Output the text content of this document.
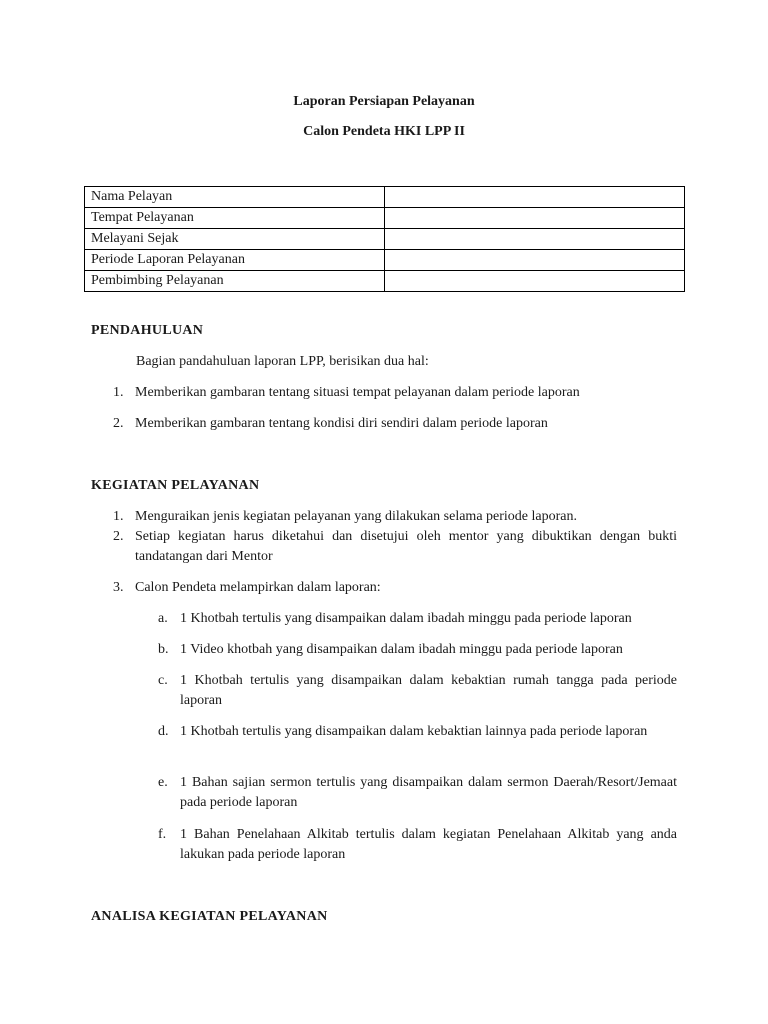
Laporan Persiapan Pelayanan
Calon Pendeta HKI LPP II
Nama Pelayan	
Tempat Pelayanan	
Melayani Sejak	
Periode Laporan Pelayanan	
Pembimbing Pelayanan	
PENDAHULUAN
Bagian pandahuluan laporan LPP, berisikan dua hal:
1. Memberikan gambaran tentang situasi tempat pelayanan dalam periode laporan
2. Memberikan gambaran tentang kondisi diri sendiri dalam periode laporan
KEGIATAN PELAYANAN
1. Menguraikan jenis kegiatan pelayanan yang dilakukan selama periode laporan.
2. Setiap kegiatan harus diketahui dan disetujui oleh mentor yang dibuktikan dengan bukti tandatangan dari Mentor
3. Calon Pendeta melampirkan dalam laporan:
a. 1 Khotbah tertulis yang disampaikan dalam ibadah minggu pada periode laporan
b. 1 Video khotbah yang disampaikan dalam ibadah minggu pada periode laporan
c. 1 Khotbah tertulis yang disampaikan dalam kebaktian rumah tangga pada periode laporan
d. 1 Khotbah tertulis yang disampaikan dalam kebaktian lainnya pada periode laporan
e. 1 Bahan sajian sermon tertulis yang disampaikan dalam sermon Daerah/Resort/Jemaat pada periode laporan
f. 1 Bahan Penelahaan Alkitab tertulis dalam kegiatan Penelahaan Alkitab yang anda lakukan pada periode laporan
ANALISA KEGIATAN PELAYANAN
